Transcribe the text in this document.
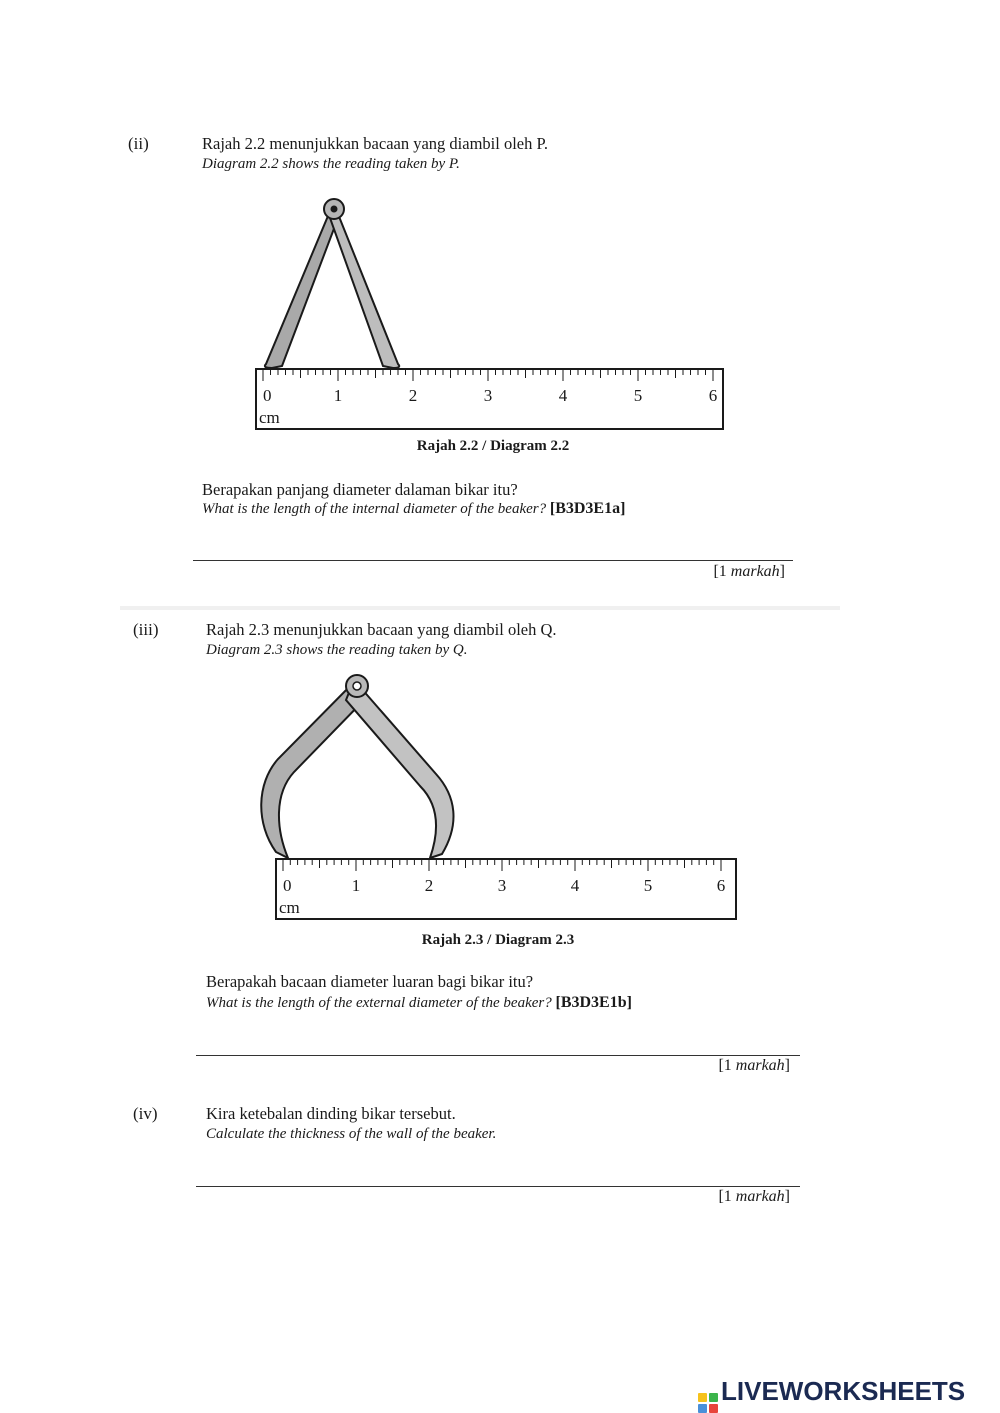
(ii)	Rajah 2.2 menunjukkan bacaan yang diambil oleh P.
Diagram 2.2 shows the reading taken by P.
0	1	2	3	4	5	6
cm
Rajah 2.2 / Diagram 2.2
Berapakan panjang diameter dalaman bikar itu?
What is the length of the internal diameter of the beaker? [B3D3E1a]
[1 markah]
(iii)	Rajah 2.3 menunjukkan bacaan yang diambil oleh Q.
Diagram 2.3 shows the reading taken by Q.
0	1	2	3	4	5	6
cm
Rajah 2.3 / Diagram 2.3
Berapakah bacaan diameter luaran bagi bikar itu?
What is the length of the external diameter of the beaker? [B3D3E1b]
[1 markah]
(iv)	Kira ketebalan dinding bikar tersebut.
Calculate the thickness of the wall of the beaker.
[1 markah]
LIVEWORKSHEETS
